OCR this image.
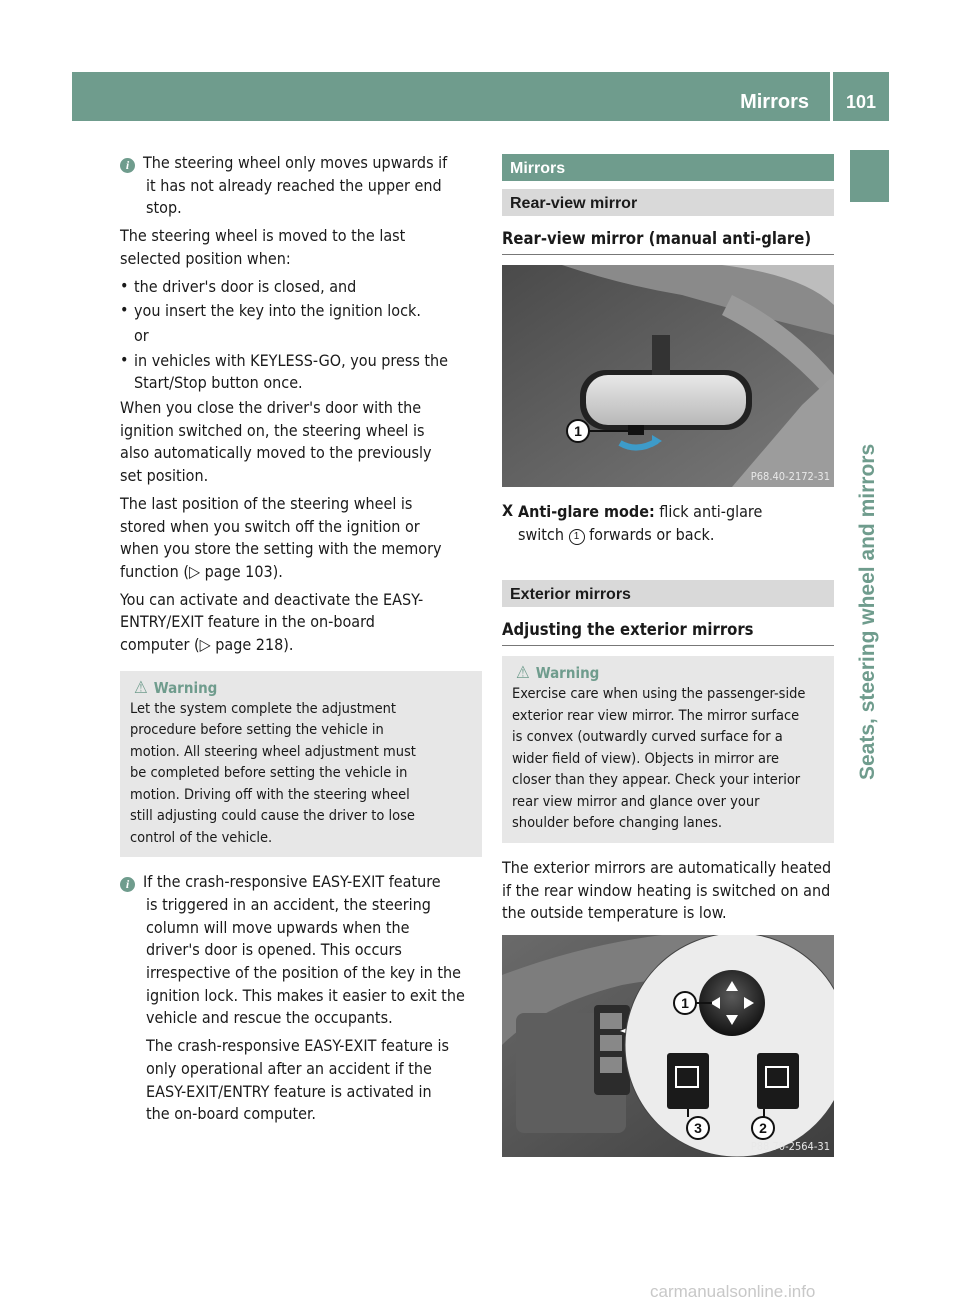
Mirrors	101
Seats, steering wheel and mirrors

i The steering wheel only moves upwards if

it has not already reached the upper end

stop.

The steering wheel is moved to the last

selected position when:

• the driver's door is closed, and

• you insert the key into the ignition lock.

or

• in vehicles with KEYLESS-GO, you press the

Start/Stop button once.

When you close the driver's door with the

ignition switched on, the steering wheel is

also automatically moved to the previously

set position.

The last position of the steering wheel is

stored when you switch off the ignition or

when you store the setting with the memory

function (▷ page 103).

You can activate and deactivate the EASY-

ENTRY/EXIT feature in the on-board

computer (▷ page 218).

⚠ Warning

Let the system complete the adjustment

procedure before setting the vehicle in

motion. All steering wheel adjustment must

be completed before setting the vehicle in

motion. Driving off with the steering wheel

still adjusting could cause the driver to lose

control of the vehicle.

i If the crash-responsive EASY-EXIT feature

is triggered in an accident, the steering

column will move upwards when the

driver's door is opened. This occurs

irrespective of the position of the key in the

ignition lock. This makes it easier to exit the

vehicle and rescue the occupants.

The crash-responsive EASY-EXIT feature is

only operational after an accident if the

EASY-EXIT/ENTRY feature is activated in

the on-board computer.

Mirrors
Rear-view mirror
Rear-view mirror (manual anti-glare)
1
P68.40-2172-31
X Anti-glare mode: flick anti-glare

switch 1 forwards or back.

Exterior mirrors
Adjusting the exterior mirrors
⚠ Warning

Exercise care when using the passenger-side

exterior rear view mirror. The mirror surface

is convex (outwardly curved surface for a

wider field of view). Objects in mirror are

closer than they appear. Check your interior

rear view mirror and glance over your

shoulder before changing lanes.

The exterior mirrors are automatically heated

if the rear window heating is switched on and

the outside temperature is low.

1
2
3
P88.70-2564-31
carmanualsonline.info
